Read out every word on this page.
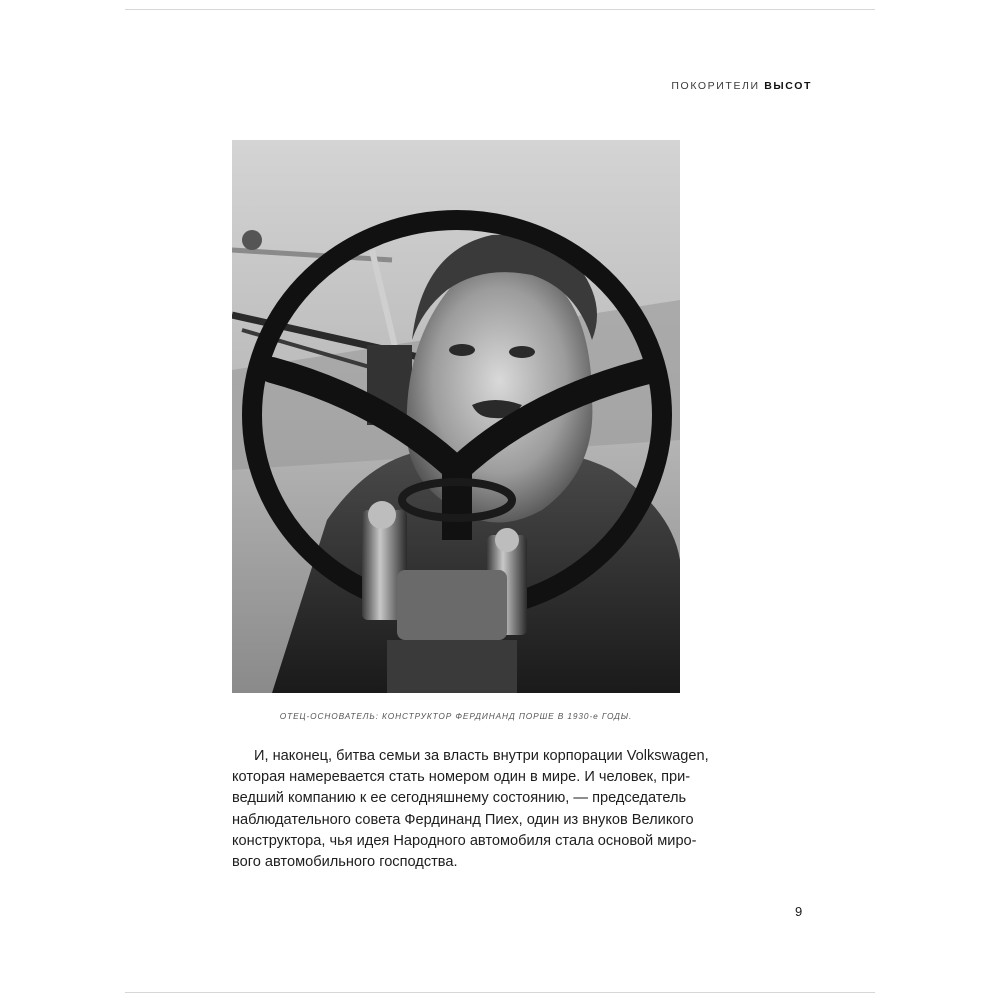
ПОКОРИТЕЛИ ВЫСОТ
ОТЕЦ-ОСНОВАТЕЛЬ: КОНСТРУКТОР ФЕРДИНАНД ПОРШЕ В 1930-е ГОДЫ.
И, наконец, битва семьи за власть внутри корпорации Volkswagen,
которая намеревается стать номером один в мире. И человек, при-
ведший компанию к ее сегодняшнему состоянию, — председатель
наблюдательного совета Фердинанд Пиех, один из внуков Великого
конструктора, чья идея Народного автомобиля стала основой миро-
вого автомобильного господства.
9
